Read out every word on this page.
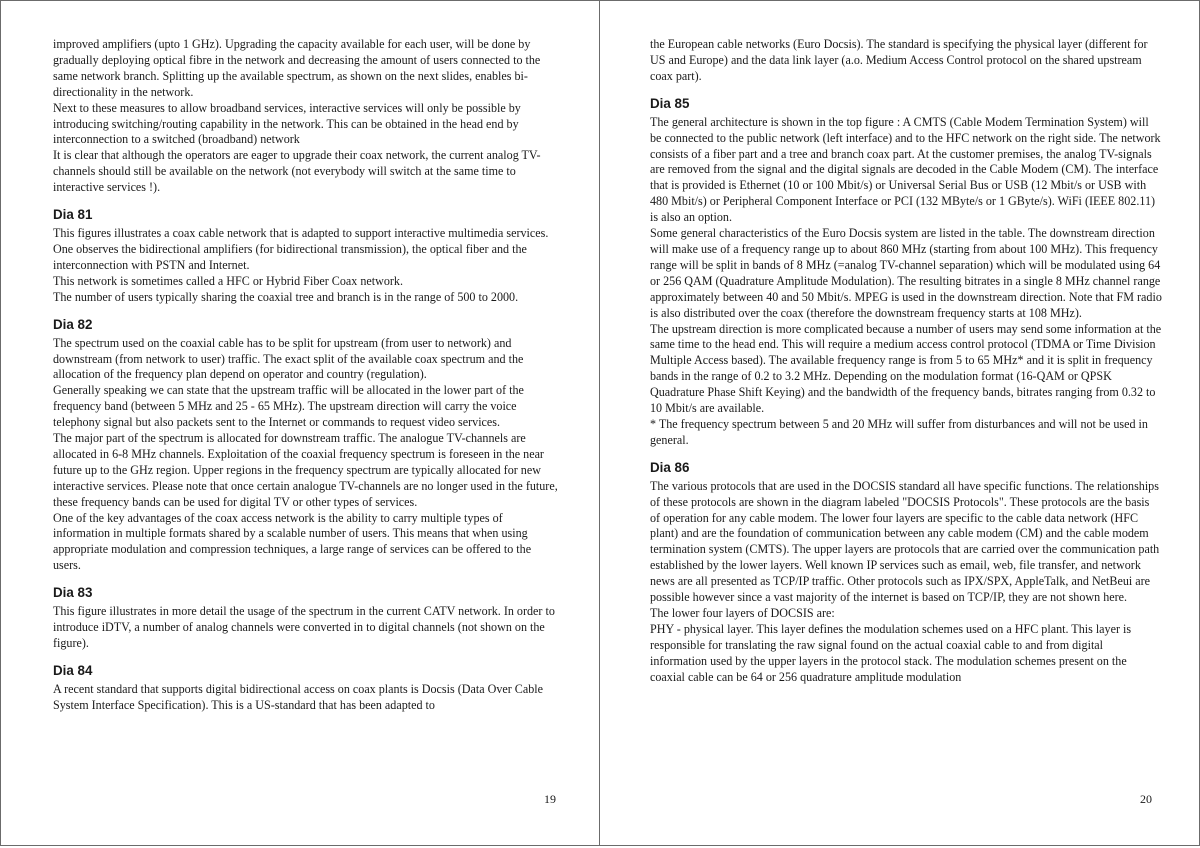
improved amplifiers (upto 1 GHz). Upgrading the capacity available for each user, will be done by gradually deploying optical fibre in the network and decreasing the amount of users connected to the same network branch. Splitting up the available spectrum, as shown on the next slides, enables bi-directionality in the network.

Next to these measures to allow broadband services, interactive services will only be possible by introducing switching/routing capability in the network. This can be obtained in the head end by interconnection to a switched (broadband) network

It is clear that although the operators are eager to upgrade their coax network, the current analog TV-channels should still be available on the network (not everybody will switch at the same time to interactive services !).

Dia 81

This figures illustrates a coax cable network that is adapted to support interactive multimedia services. One observes the bidirectional amplifiers (for bidirectional transmission), the optical fiber and the interconnection with PSTN and Internet.

This network is sometimes called a HFC or Hybrid Fiber Coax network.

The number of users typically sharing the coaxial tree and branch is in the range of 500 to 2000.

Dia 82

The spectrum used on the coaxial cable has to be split for upstream (from user to network) and downstream (from network to user) traffic. The exact split of the available coax spectrum and the allocation of the frequency plan depend on operator and country (regulation).

Generally speaking we can state that the upstream traffic will be allocated in the lower part of the frequency band (between 5 MHz and 25 - 65 MHz). The upstream direction will carry the voice telephony signal but also packets sent to the Internet or commands to request video services.

The major part of the spectrum is allocated for downstream traffic. The analogue TV-channels are allocated in 6-8 MHz channels. Exploitation of the coaxial frequency spectrum is foreseen in the near future up to the GHz region. Upper regions in the frequency spectrum are typically allocated for new interactive services. Please note that once certain analogue TV-channels are no longer used in the future, these frequency bands can be used for digital TV or other types of services.

One of the key advantages of the coax access network is the ability to carry multiple types of information in multiple formats shared by a scalable number of users. This means that when using appropriate modulation and compression techniques, a large range of services can be offered to the users.

Dia 83

This figure illustrates in more detail the usage of the spectrum in the current CATV network. In order to introduce iDTV, a number of analog channels were converted in to digital channels (not shown on the figure).

Dia 84

A recent standard that supports digital bidirectional access on coax plants is Docsis (Data Over Cable System Interface Specification). This is a US-standard that has been adapted to

19

the European cable networks (Euro Docsis). The standard is specifying the physical layer (different for US and Europe) and the data link layer (a.o. Medium Access Control protocol on the shared upstream coax part).

Dia 85

The general architecture is shown in the top figure : A CMTS (Cable Modem Termination System) will be connected to the public network (left interface) and to the HFC network on the right side. The network consists of a fiber part and a tree and branch coax part. At the customer premises, the analog TV-signals are removed from the signal and the digital signals are decoded in the Cable Modem (CM). The interface that is provided is Ethernet (10 or 100 Mbit/s) or Universal Serial Bus or USB (12 Mbit/s or USB with 480 Mbit/s) or Peripheral Component Interface or PCI (132 MByte/s or 1 GByte/s). WiFi (IEEE 802.11) is also an option.

Some general characteristics of the Euro Docsis system are listed in the table. The downstream direction will make use of a frequency range up to about 860 MHz (starting from about 100 MHz). This frequency range will be split in bands of 8 MHz (=analog TV-channel separation) which will be modulated using 64 or 256 QAM (Quadrature Amplitude Modulation). The resulting bitrates in a single 8 MHz channel range approximately between 40 and 50 Mbit/s. MPEG is used in the downstream direction. Note that FM radio is also distributed over the coax (therefore the downstream frequency starts at 108 MHz).

The upstream direction is more complicated because a number of users may send some information at the same time to the head end. This will require a medium access control protocol (TDMA or Time Division Multiple Access based). The available frequency range is from 5 to 65 MHz* and it is split in frequency bands in the range of 0.2 to 3.2 MHz. Depending on the modulation format (16-QAM or QPSK Quadrature Phase Shift Keying) and the bandwidth of the frequency bands, bitrates ranging from 0.32 to 10 Mbit/s are available.

* The frequency spectrum between 5 and 20 MHz will suffer from disturbances and will not be used in general.

Dia 86

The various protocols that are used in the DOCSIS standard all have specific functions. The relationships of these protocols are shown in the diagram labeled "DOCSIS Protocols". These protocols are the basis of operation for any cable modem. The lower four layers are specific to the cable data network (HFC plant) and are the foundation of communication between any cable modem (CM) and the cable modem termination system (CMTS). The upper layers are protocols that are carried over the communication path established by the lower layers. Well known IP services such as email, web, file transfer, and network news are all presented as TCP/IP traffic. Other protocols such as IPX/SPX, AppleTalk, and NetBeui are possible however since a vast majority of the internet is based on TCP/IP, they are not shown here.

The lower four layers of DOCSIS are:

PHY - physical layer. This layer defines the modulation schemes used on a HFC plant. This layer is responsible for translating the raw signal found on the actual coaxial cable to and from digital information used by the upper layers in the protocol stack. The modulation schemes present on the coaxial cable can be 64 or 256 quadrature amplitude modulation

20
